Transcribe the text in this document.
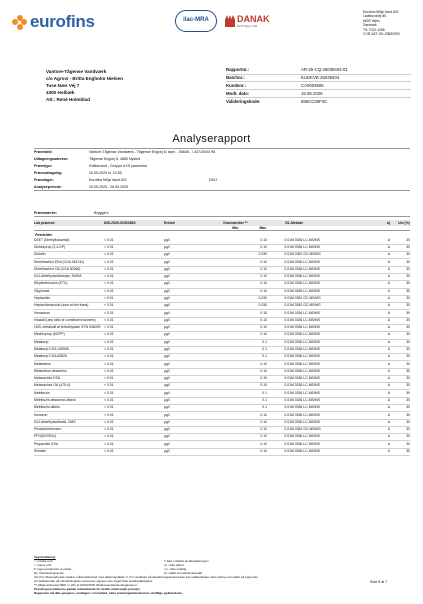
eurofins	ilac-MRA	DANAK
TEST Reg.nr. 168
Eurofins Miljø Vand A/S
Ladelundvej 85
6600 Vejen
Danmark
Tlf: 7022 4256
CVR-VAT: DK-29822990
Vantore-Tågense Vandværk
c/o Agrovi - Britta Engholm Nielsen
Tuse Næs Vej 7
4300 Holbæk
Att.: René Holmblad
Rapportnr.:	AR-25-CQ-25039404-01
Batchnr.:	EUDKVE-25039404
Kundenr.:	CA0003605
Modt. dato:	15.05.2025
Valideringskode:	556CC06F4C
Analyserapport
Prøvested:	Vantore-Tågense Vandværk - Tågense Engvej 6; taph. - 55648 - / 43710004 98
Udtagningsadresse:	Tågense Engvej 6, 4880 Nysted
Prøvetype:	Drikkevand - Gruppe A+B parametre
Prøveudtagning:	15.05.2025 kl. 10:55
Prøvetager:	Eurofins Miljø Vand A/S	DKIJ
Analyseperiode:	15.05.2025 - 26.05.2025
Prøvemærke:	Bryggers
Lab prøvenr:	835-2025-01500892	Enhed	Kravværdier **	DL. Metode	a)	Usl (%)
Min.	Max.
Pesticider
DEET (Diethyltoluamid)	< 0.01	µg/l	0.10	0.01 M 0336 LC-MS/MS	A	30
Dichlorprop (2,4-DP)	< 0.01	µg/l	0.10	0.01 M 0336 LC-MS/MS	A	30
Dieldrin	< 0.01	µg/l	0.030	0.01 M 0352 GC-MS/MS	A	30
Dimethachlor ESA (CGA 354742)	< 0.01	µg/l	0.10	0.01 M 0336 LC-MS/MS	A	30
Dimethachlor OA (CGA 50266)	< 0.01	µg/l	0.10	0.01 M 0336 LC-MS/MS	A	30
N,N-dimethylsulfamoyle, DMSA	< 0.01	µg/l	0.10	0.01 M 0336 LC-MS/MS	A	30
Ethylenthiourea (ETU)	< 0.01	µg/l	0.10	0.01 M 0336 LC-MS/MS	A	30
Glyphosat	< 0.01	µg/l	0.10	0.01 M 0455 LC-MS/MS	A	30
Heptachlor	< 0.01	µg/l	0.030	0.01 M 0352 GC-MS/MS	A	30
Heptachlorepoxid (sum af cis+trans)	< 0.01	µg/l	0.030	0.01 M 0352 GC-MS/MS	A	30
Hexazinon	< 0.01	µg/l	0.10	0.01 M 0336 LC-MS/MS	A	30
Imazalil (any ratio of constituent isomers)	< 0.01	µg/l	0.10	0.01 M 0336 LC-MS/MS	A	30
LM3, metabolit af terbuthylazin SYN 546009	< 0.01	µg/l	0.10	0.01 M 0336 LC-MS/MS	A	30
Mechloprop (MCPP)	< 0.01	µg/l	0.10	0.01 M 0336 LC-MS/MS	A	30
Metalaxyl	< 0.01	µg/l	0.1	0.01 M 0336 LC-MS/MS	A	30
Metalaxyl CGA 108906	< 0.01	µg/l	0.1	0.01 M 0336 LC-MS/MS	A	30
Metalaxyl CGA 62826	< 0.01	µg/l	0.1	0.01 M 0336 LC-MS/MS	A	30
Metamitron	< 0.01	µg/l	0.10	0.01 M 0336 LC-MS/MS	A	30
Metamitron-desamino	< 0.01	µg/l	0.10	0.01 M 0336 LC-MS/MS	A	30
Metazachlor ESA	< 0.01	µg/l	0.10	0.01 M 0336 LC-MS/MS	A	30
Metazachlor OA (479-4)	< 0.01	µg/l	0.10	0.01 M 0336 LC-MS/MS	A	30
Metribuzin	< 0.01	µg/l	0.1	0.01 M 0336 LC-MS/MS	A	30
Metribuzin-desamino-diketo	< 0.01	µg/l	0.1	0.01 M 0336 LC-MS/MS	A	30
Metribuzin-diketo	< 0.01	µg/l	0.1	0.01 M 0336 LC-MS/MS	A	30
Monuron	< 0.01	µg/l	0.10	0.01 M 0336 LC-MS/MS	A	30
N,N-dimethylsulfamid, DMS	< 0.01	µg/l	0.10	0.01 M 0336 LC-MS/MS	A	30
Pentachlorbenzen	< 0.01	µg/l	0.10	0.01 M 0352 GC-MS/MS	A	30
PPU(IN70941)	< 0.01	µg/l	0.10	0.01 M 0336 LC-MS/MS	A	30
Propachlor ESA	< 0.01	µg/l	0.10	0.01 M 0336 LC-MS/MS	A	30
Simazin	< 0.01	µg/l	0.10	0.01 M 0336 LC-MS/MS	A	30
Tegnforklaring:
<: mindre end	*) ikke omfattet af akkrediteringen
>: større end	i.p.: ikke påvist
#: ingen parametre er påvist	i.m.: ikke målelig
DL: Detektionsgrænse	b): udført af underleverandør
Usl (%): Ekspanderede relative måleusikkerhed med dækningsfaktor 2. For resultater på detektionsgrænseniveau kan usikkerheden være større end opført på rapporten.
a) Usikkerheder på mikrobiologiske parametre oplyses som logaritmisk standardafvigelse
**) Miljøministeriets BEK nr 221 af 20/02/2025 (Drikkevandsbekendtgørelsen).
Prøveingsresultaterne gælder udelukkende for det/de undersøgte prøve(r).
Rapporten må ikke gengives, undtagen i sin helhed, uden prøvningslaboratoriets skriftlige godkendelse.
Side 5 af 7
